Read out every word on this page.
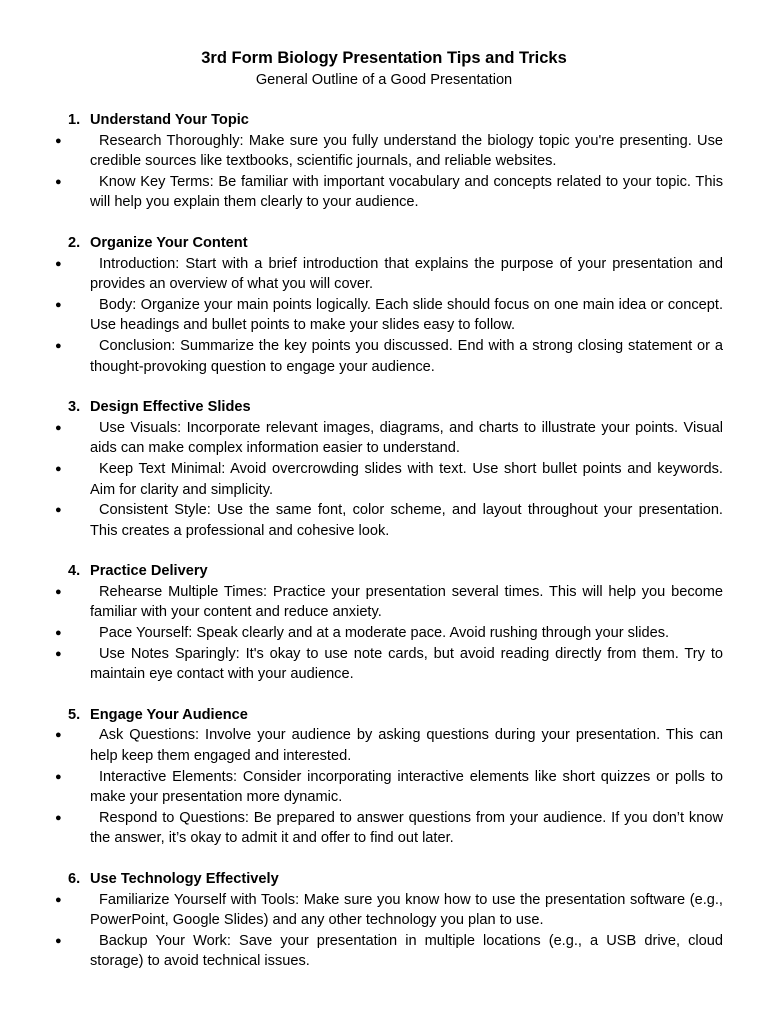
3rd Form Biology Presentation Tips and Tricks

General Outline of a Good Presentation

1. Understand Your Topic

●	Research Thoroughly: Make sure you fully understand the biology topic you're presenting. Use credible sources like textbooks, scientific journals, and reliable websites.

●	Know Key Terms: Be familiar with important vocabulary and concepts related to your topic. This will help you explain them clearly to your audience.

2. Organize Your Content

●	Introduction: Start with a brief introduction that explains the purpose of your presentation and provides an overview of what you will cover.

●	Body: Organize your main points logically. Each slide should focus on one main idea or concept. Use headings and bullet points to make your slides easy to follow.

●	Conclusion: Summarize the key points you discussed. End with a strong closing statement or a thought-provoking question to engage your audience.

3. Design Effective Slides

●	Use Visuals: Incorporate relevant images, diagrams, and charts to illustrate your points. Visual aids can make complex information easier to understand.

●	Keep Text Minimal: Avoid overcrowding slides with text. Use short bullet points and keywords. Aim for clarity and simplicity.

●	Consistent Style: Use the same font, color scheme, and layout throughout your presentation. This creates a professional and cohesive look.

4. Practice Delivery

●	Rehearse Multiple Times: Practice your presentation several times. This will help you become familiar with your content and reduce anxiety.

●	Pace Yourself: Speak clearly and at a moderate pace. Avoid rushing through your slides.

●	Use Notes Sparingly: It's okay to use note cards, but avoid reading directly from them. Try to maintain eye contact with your audience.

5. Engage Your Audience

●	Ask Questions: Involve your audience by asking questions during your presentation. This can help keep them engaged and interested.

●	Interactive Elements: Consider incorporating interactive elements like short quizzes or polls to make your presentation more dynamic.

●	Respond to Questions: Be prepared to answer questions from your audience. If you don’t know the answer, it’s okay to admit it and offer to find out later.

6. Use Technology Effectively

●	Familiarize Yourself with Tools: Make sure you know how to use the presentation software (e.g., PowerPoint, Google Slides) and any other technology you plan to use.

●	Backup Your Work: Save your presentation in multiple locations (e.g., a USB drive, cloud storage) to avoid technical issues.
